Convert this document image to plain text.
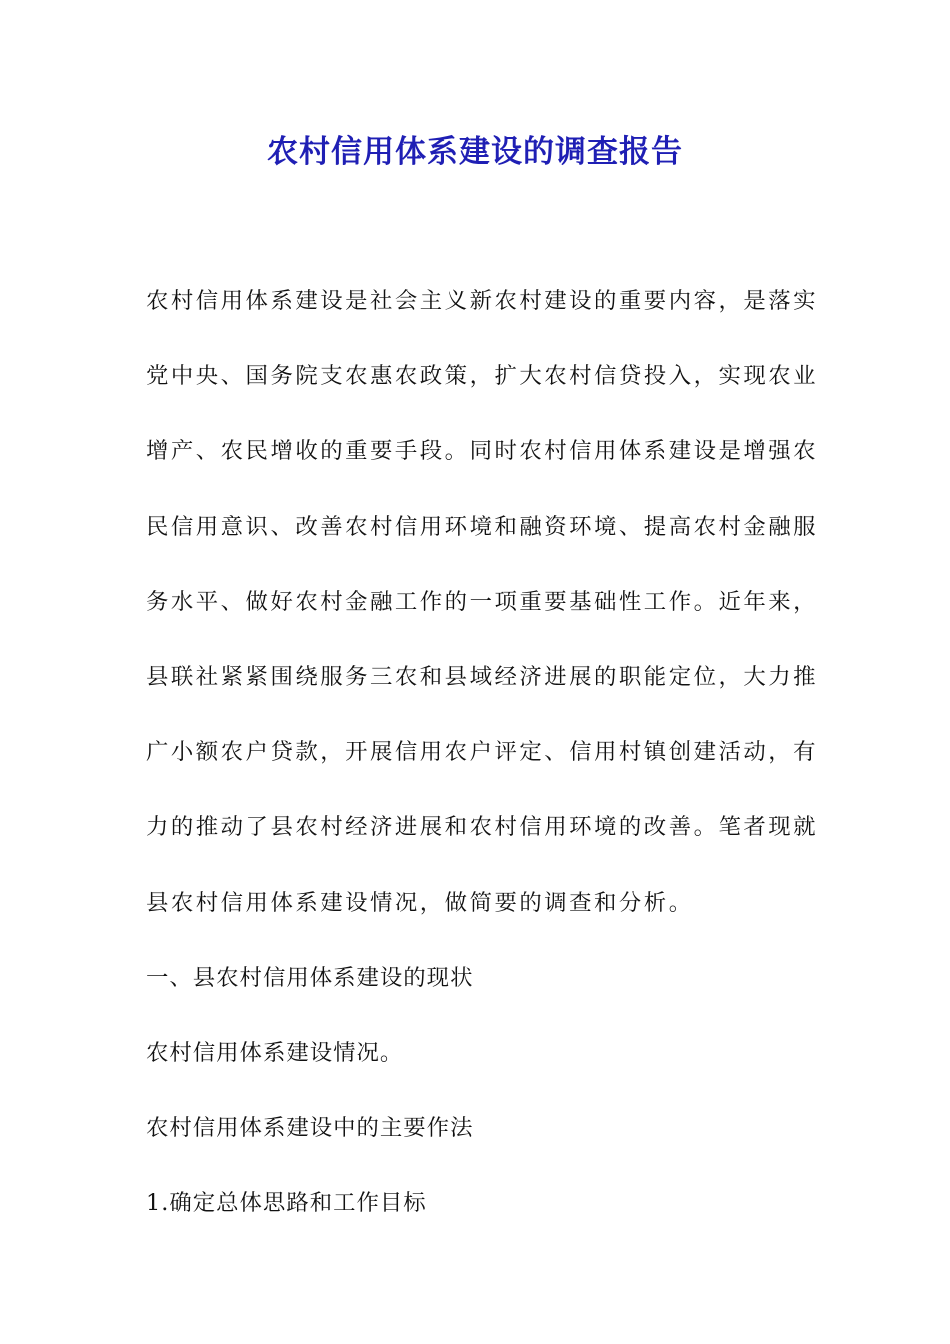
农村信用体系建设的调查报告

农村信用体系建设是社会主义新农村建设的重要内容，是落实
党中央、国务院支农惠农政策，扩大农村信贷投入，实现农业
增产、农民增收的重要手段。同时农村信用体系建设是增强农
民信用意识、改善农村信用环境和融资环境、提高农村金融服
务水平、做好农村金融工作的一项重要基础性工作。近年来，
县联社紧紧围绕服务三农和县域经济进展的职能定位，大力推
广小额农户贷款，开展信用农户评定、信用村镇创建活动，有
力的推动了县农村经济进展和农村信用环境的改善。笔者现就
县农村信用体系建设情况，做简要的调查和分析。

一、县农村信用体系建设的现状

农村信用体系建设情况。

农村信用体系建设中的主要作法

1.确定总体思路和工作目标
